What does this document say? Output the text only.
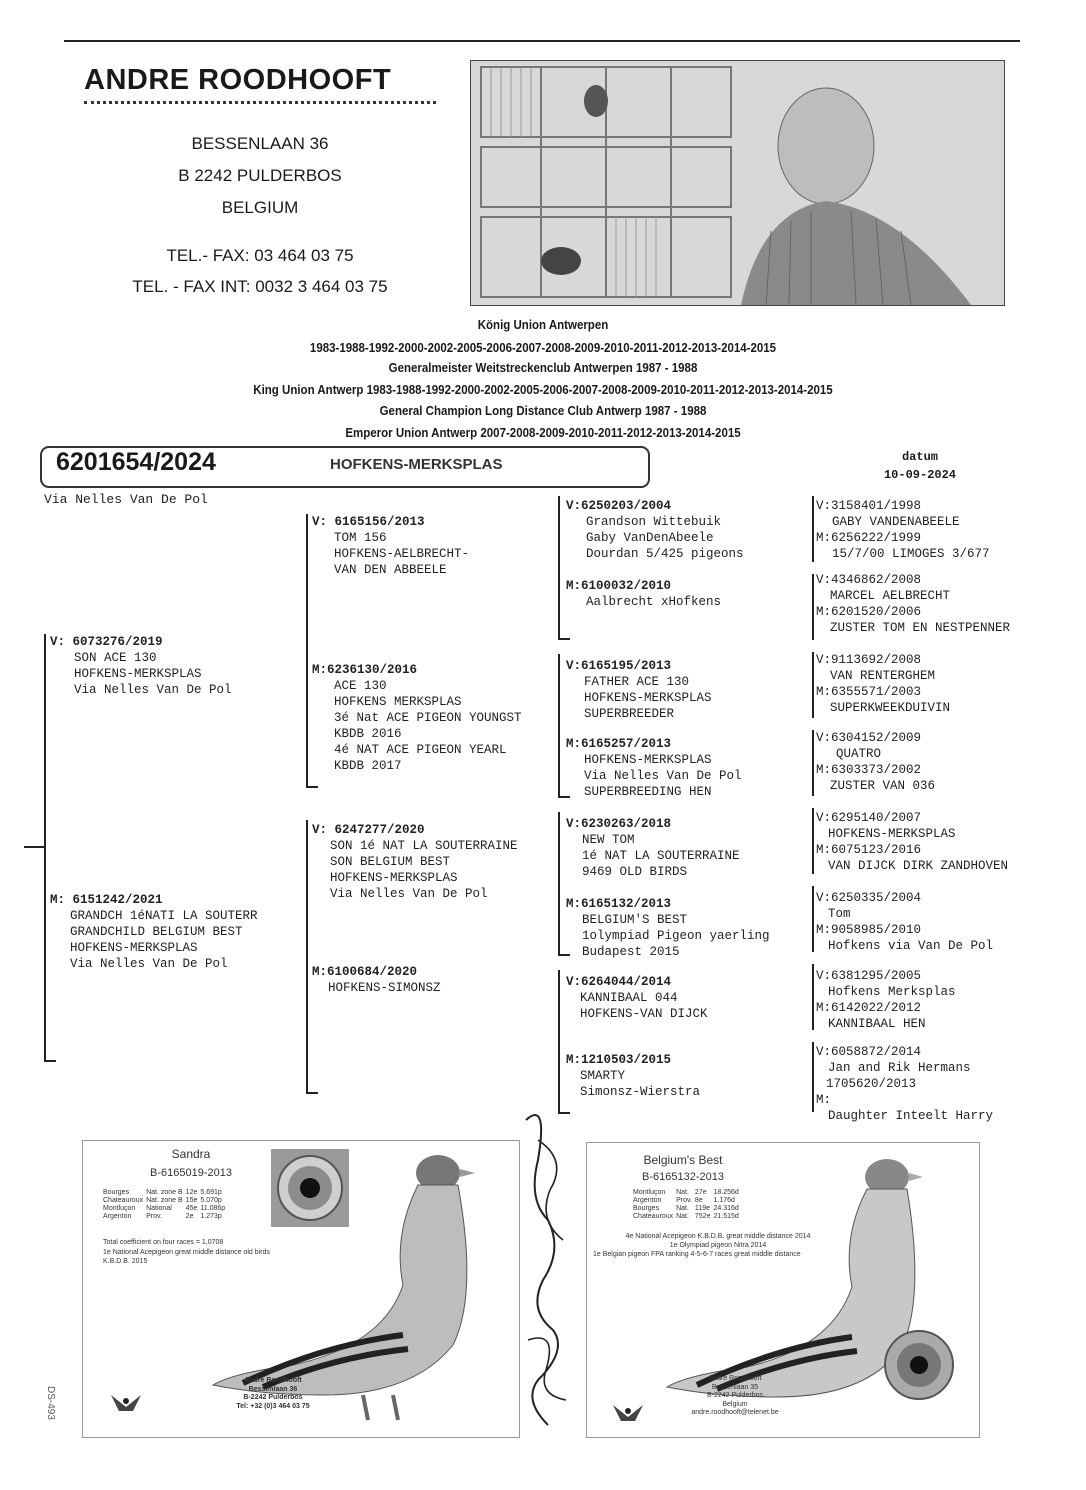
ANDRE ROODHOOFT
BESSENLAAN 36
B 2242 PULDERBOS
BELGIUM
TEL.- FAX: 03 464 03 75
TEL. - FAX INT: 0032 3 464 03 75
König Union Antwerpen
1983-1988-1992-2000-2002-2005-2006-2007-2008-2009-2010-2011-2012-2013-2014-2015
Generalmeister Weitstreckenclub Antwerpen 1987 - 1988
King Union Antwerp 1983-1988-1992-2000-2002-2005-2006-2007-2008-2009-2010-2011-2012-2013-2014-2015
General Champion Long Distance Club Antwerp 1987 - 1988
Emperor Union Antwerp 2007-2008-2009-2010-2011-2012-2013-2014-2015
6201654/2024	HOFKENS-MERKSPLAS	datum
10-09-2024
Via Nelles Van De Pol
V: 6073276/2019
SON ACE 130
HOFKENS-MERKSPLAS
Via Nelles Van De Pol
M: 6151242/2021
GRANDCH 1éNATI LA SOUTERR
GRANDCHILD BELGIUM BEST
HOFKENS-MERKSPLAS
Via Nelles Van De Pol
V: 6165156/2013
TOM 156
HOFKENS-AELBRECHT-
VAN DEN ABBEELE
M:6236130/2016
ACE 130
HOFKENS MERKSPLAS
3é Nat ACE PIGEON YOUNGST
KBDB 2016
4é NAT ACE PIGEON YEARL
KBDB 2017
V: 6247277/2020
SON 1é NAT LA SOUTERRAINE
SON BELGIUM BEST
HOFKENS-MERKSPLAS
Via Nelles Van De Pol
M:6100684/2020
HOFKENS-SIMONSZ
V:6250203/2004
Grandson Wittebuik
Gaby VanDenAbeele
Dourdan 5/425 pigeons
M:6100032/2010
Aalbrecht xHofkens
V:6165195/2013
FATHER ACE 130
HOFKENS-MERKSPLAS
SUPERBREEDER
M:6165257/2013
HOFKENS-MERKSPLAS
Via Nelles Van De Pol
SUPERBREEDING HEN
V:6230263/2018
NEW TOM
1é NAT LA SOUTERRAINE
9469 OLD BIRDS
M:6165132/2013
BELGIUM'S BEST
1olympiad Pigeon yaerling
Budapest 2015
V:6264044/2014
KANNIBAAL 044
HOFKENS-VAN DIJCK
M:1210503/2015
SMARTY
Simonsz-Wierstra
V:3158401/1998
GABY VANDENABEELE
M:6256222/1999
15/7/00 LIMOGES 3/677
V:4346862/2008
MARCEL AELBRECHT
M:6201520/2006
ZUSTER TOM EN NESTPENNER
V:9113692/2008
VAN RENTERGHEM
M:6355571/2003
SUPERKWEEKDUIVIN
V:6304152/2009
QUATRO
M:6303373/2002
ZUSTER VAN 036
V:6295140/2007
HOFKENS-MERKSPLAS
M:6075123/2016
VAN DIJCK DIRK ZANDHOVEN
V:6250335/2004
Tom
M:9058985/2010
Hofkens via Van De Pol
V:6381295/2005
Hofkens Merksplas
M:6142022/2012
KANNIBAAL HEN
V:6058872/2014
Jan and Rik Hermans
1705620/2013
M:
Daughter Inteelt Harry
Sandra
B-6165019-2013
Bourges	Nat. zone B	12e	5.691p
Chateauroux	Nat. zone B	15e	5.070p
Montluçon	National	45e	11.086p
Argenton	Prov.	2e	1.273p
Total coefficient on four races = 1,0708
1e National Acepigeon great middle distance old birds K.B.D.B. 2015
Andre Roodhooft
Bessenlaan 36
B-2242 Pulderbos
Tel: +32 (0)3 464 03 75
DS-493
Belgium's Best
B-6165132-2013
Montluçon	Nat.	27e	18.256d
Argenton	Prov.	8e	1.176d
Bourges	Nat.	119e	24.316d
Chateauroux	Nat.	752e	21.515d
4e National Acepigeon K.B.D.B. great middle distance 2014
1e Olympiad pigeon Nitra 2014
1e Belgian pigeon FPA ranking 4-5-6-7 races great middle distance
Andre Roodhooft
Bessenlaan 35
B-2242 Pulderbos
Belgium
andre.roodhooft@telenet.be
